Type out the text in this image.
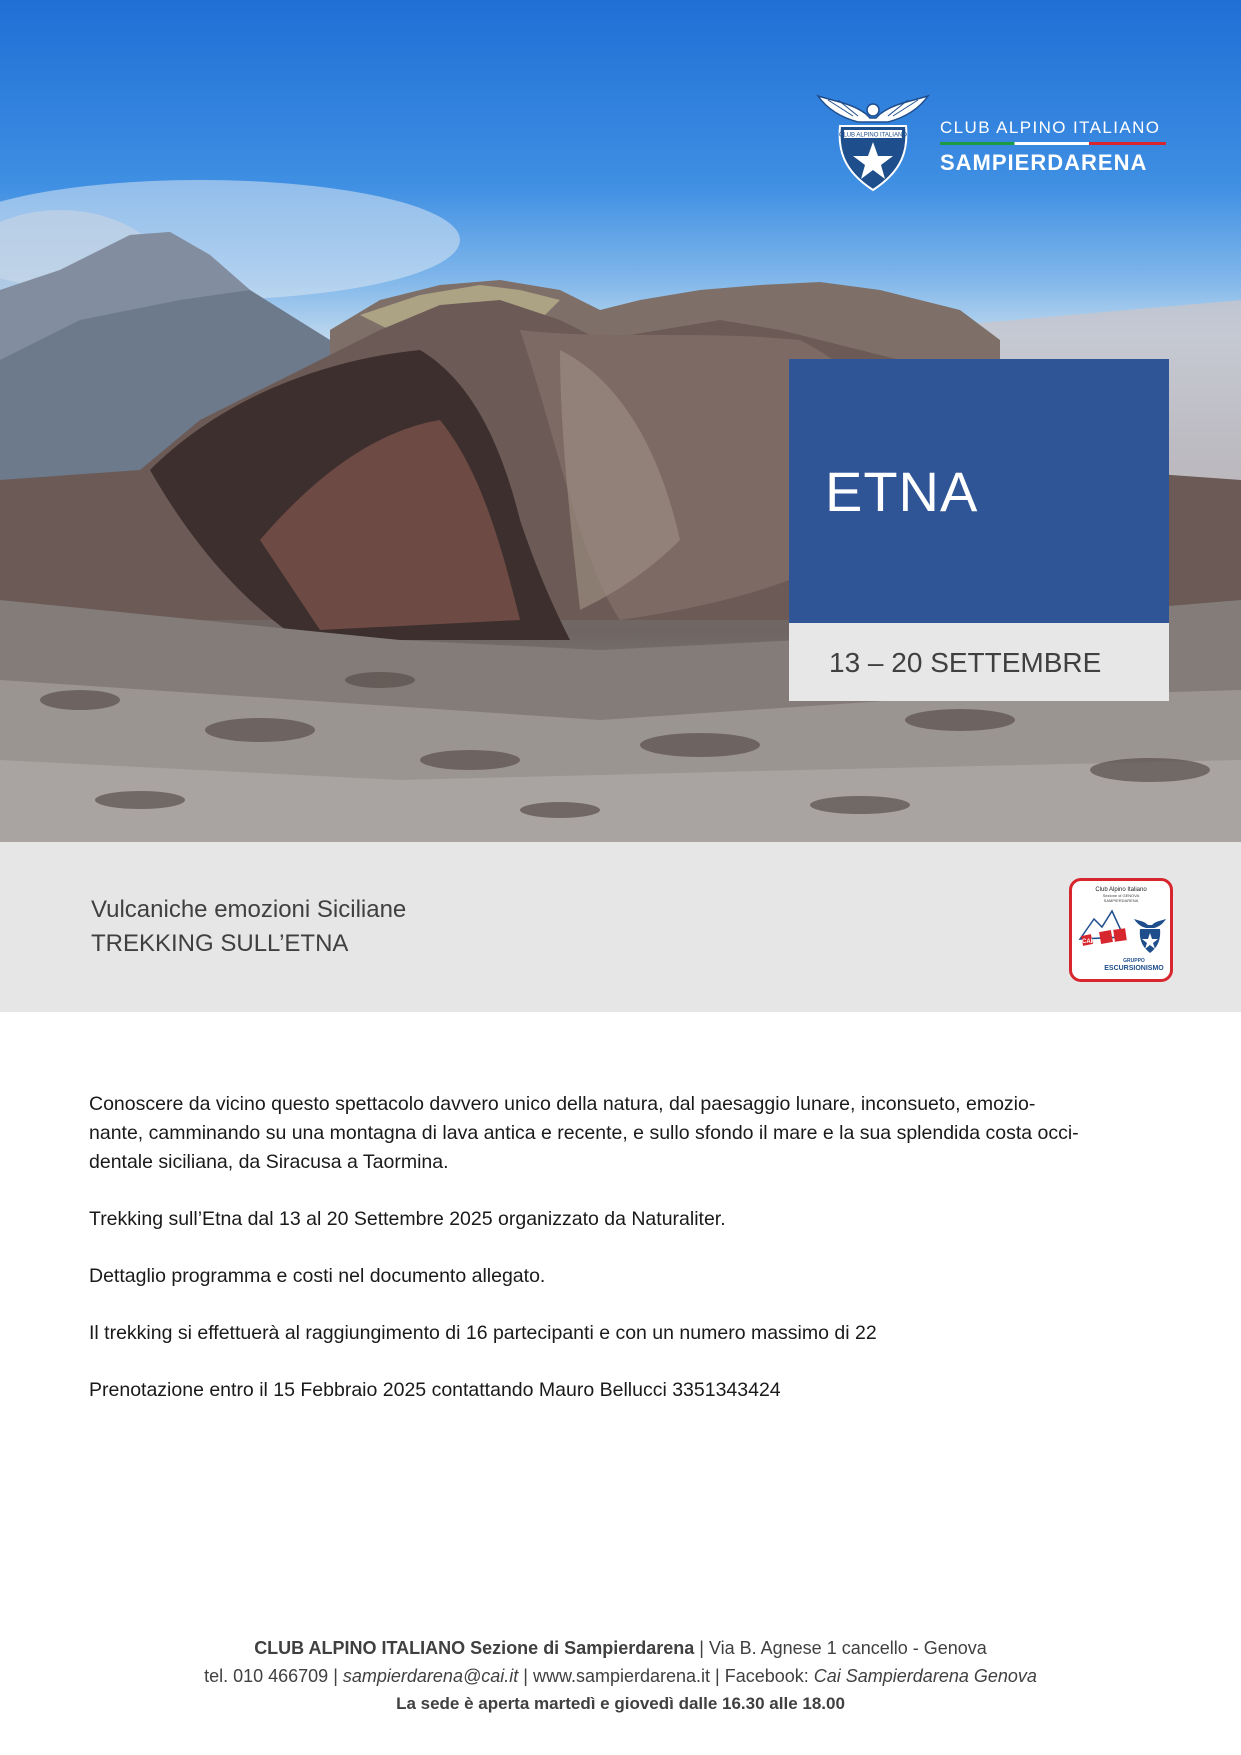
CLUB ALPINO ITALIANO CLUB ALPINO ITALIANO
SAMPIERDARENA
ETNA
13 – 20 SETTEMBRE
Vulcaniche emozioni Siciliane
TREKKING SULL’ETNA
Club Alpino Italiano
Sezione di GENOVA
SAMPIERDARENA
CAI
GRUPPO
ESCURSIONISMO

Conoscere da vicino questo spettacolo davvero unico della natura, dal paesaggio lunare, inconsueto, emozio-
nante, camminando su una montagna di lava antica e recente, e sullo sfondo il mare e la sua splendida costa occi-
dentale siciliana, da Siracusa a Taormina.

Trekking sull’Etna dal 13 al 20 Settembre 2025 organizzato da Naturaliter.

Dettaglio programma e costi nel documento allegato.

Il trekking si effettuerà al raggiungimento di 16 partecipanti e con un numero massimo di 22

Prenotazione entro il 15 Febbraio 2025 contattando Mauro Bellucci 3351343424

CLUB ALPINO ITALIANO Sezione di Sampierdarena | Via B. Agnese 1 cancello - Genova
tel. 010 466709 | sampierdarena@cai.it | www.sampierdarena.it | Facebook: Cai Sampierdarena Genova
La sede è aperta martedì e giovedì dalle 16.30 alle 18.00
